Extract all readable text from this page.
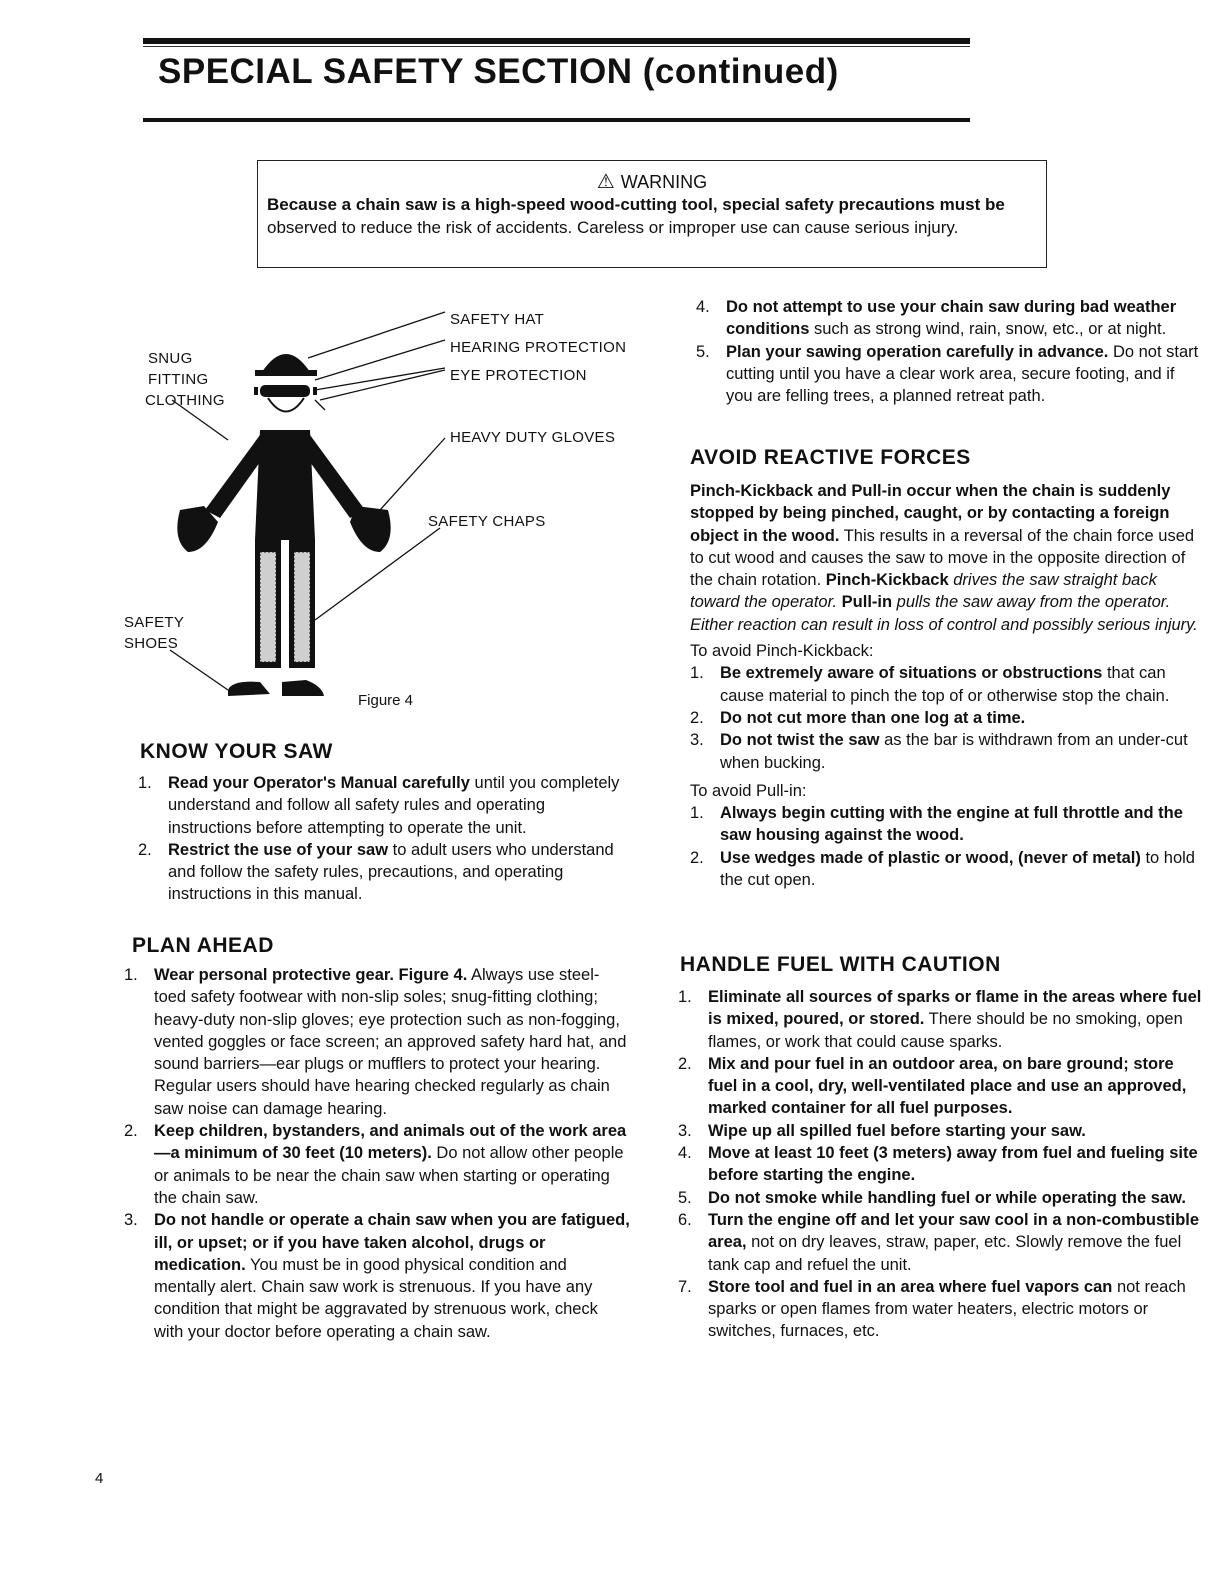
SPECIAL SAFETY SECTION (continued)
⚠ WARNING
Because a chain saw is a high-speed wood-cutting tool, special safety precautions must be observed to reduce the risk of accidents. Careless or improper use can cause serious injury.
SAFETY HAT
HEARING PROTECTION
EYE PROTECTION
HEAVY DUTY GLOVES
SAFETY CHAPS
SNUG
FITTING
CLOTHING
SAFETY
SHOES
Figure 4
KNOW YOUR SAW

1. Read your Operator's Manual carefully until you completely understand and follow all safety rules and operating instructions before attempting to operate the unit.

2. Restrict the use of your saw to adult users who understand and follow the safety rules, precautions, and operating instructions in this manual.

PLAN AHEAD

1. Wear personal protective gear. Figure 4. Always use steel-toed safety footwear with non-slip soles; snug-fitting clothing; heavy-duty non-slip gloves; eye protection such as non-fogging, vented goggles or face screen; an approved safety hard hat, and sound barriers—ear plugs or mufflers to protect your hearing. Regular users should have hearing checked regularly as chain saw noise can damage hearing.

2. Keep children, bystanders, and animals out of the work area—a minimum of 30 feet (10 meters). Do not allow other people or animals to be near the chain saw when starting or operating the chain saw.

3. Do not handle or operate a chain saw when you are fatigued, ill, or upset; or if you have taken alcohol, drugs or medication. You must be in good physical condition and mentally alert. Chain saw work is strenuous. If you have any condition that might be aggravated by strenuous work, check with your doctor before operating a chain saw.

4. Do not attempt to use your chain saw during bad weather conditions such as strong wind, rain, snow, etc., or at night.

5. Plan your sawing operation carefully in advance. Do not start cutting until you have a clear work area, secure footing, and if you are felling trees, a planned retreat path.

AVOID REACTIVE FORCES

Pinch-Kickback and Pull-in occur when the chain is suddenly stopped by being pinched, caught, or by contacting a foreign object in the wood. This results in a reversal of the chain force used to cut wood and causes the saw to move in the opposite direction of the chain rotation. Pinch-Kickback drives the saw straight back toward the operator. Pull-in pulls the saw away from the operator. Either reaction can result in loss of control and possibly serious injury.

To avoid Pinch-Kickback:

1. Be extremely aware of situations or obstructions that can cause material to pinch the top of or otherwise stop the chain.

2. Do not cut more than one log at a time.

3. Do not twist the saw as the bar is withdrawn from an under-cut when bucking.

To avoid Pull-in:

1. Always begin cutting with the engine at full throttle and the saw housing against the wood.

2. Use wedges made of plastic or wood, (never of metal) to hold the cut open.

HANDLE FUEL WITH CAUTION

1. Eliminate all sources of sparks or flame in the areas where fuel is mixed, poured, or stored. There should be no smoking, open flames, or work that could cause sparks.

2. Mix and pour fuel in an outdoor area, on bare ground; store fuel in a cool, dry, well-ventilated place and use an approved, marked container for all fuel purposes.

3. Wipe up all spilled fuel before starting your saw.

4. Move at least 10 feet (3 meters) away from fuel and fueling site before starting the engine.

5. Do not smoke while handling fuel or while operating the saw.

6. Turn the engine off and let your saw cool in a non-combustible area, not on dry leaves, straw, paper, etc. Slowly remove the fuel tank cap and refuel the unit.

7. Store tool and fuel in an area where fuel vapors can not reach sparks or open flames from water heaters, electric motors or switches, furnaces, etc.

4
